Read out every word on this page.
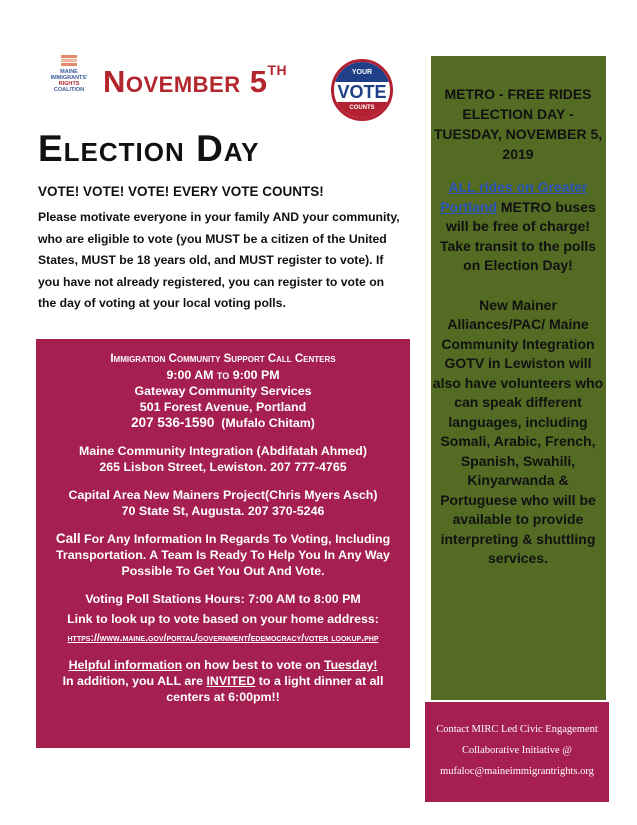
MAINE
IMMIGRANTS'
RIGHTS
COALITION November 5TH	YOUR
VOTE
COUNTS
Election Day
VOTE! VOTE! VOTE! EVERY VOTE COUNTS!
Please motivate everyone in your family AND your community, who are eligible to vote (you MUST be a citizen of the United States, MUST be 18 years old, and MUST register to vote). If you have not already registered, you can register to vote on the day of voting at your local voting polls.

Immigration Community Support Call Centers

9:00 AM to 9:00 PM

Gateway Community Services

501 Forest Avenue, Portland

207 536-1590 (Mufalo Chitam)

Maine Community Integration (Abdifatah Ahmed)

265 Lisbon Street, Lewiston. 207 777-4765

Capital Area New Mainers Project(Chris Myers Asch)

70 State St, Augusta. 207 370-5246

Call For Any Information In Regards To Voting, Including Transportation. A Team Is Ready To Help You In Any Way Possible To Get You Out And Vote.

Voting Poll Stations Hours: 7:00 AM to 8:00 PM

Link to look up to vote based on your home address:

https://www.maine.gov/portal/government/edemocracy/voter lookup.php

Helpful information on how best to vote on Tuesday!
In addition, you ALL are INVITED to a light dinner at all centers at 6:00pm!!

METRO - FREE RIDES ELECTION DAY - TUESDAY, NOVEMBER 5, 2019
ALL rides on Greater Portland METRO buses will be free of charge! Take transit to the polls on Election Day!
New Mainer Alliances/PAC/ Maine Community Integration GOTV in Lewiston will also have volunteers who can speak different languages, including Somali, Arabic, French, Spanish, Swahili, Kinyarwanda & Portuguese who will be available to provide interpreting & shuttling services.
Contact MIRC Led Civic Engagement
Collaborative Initiative @
mufaloc@maineimmigrantrights.org
